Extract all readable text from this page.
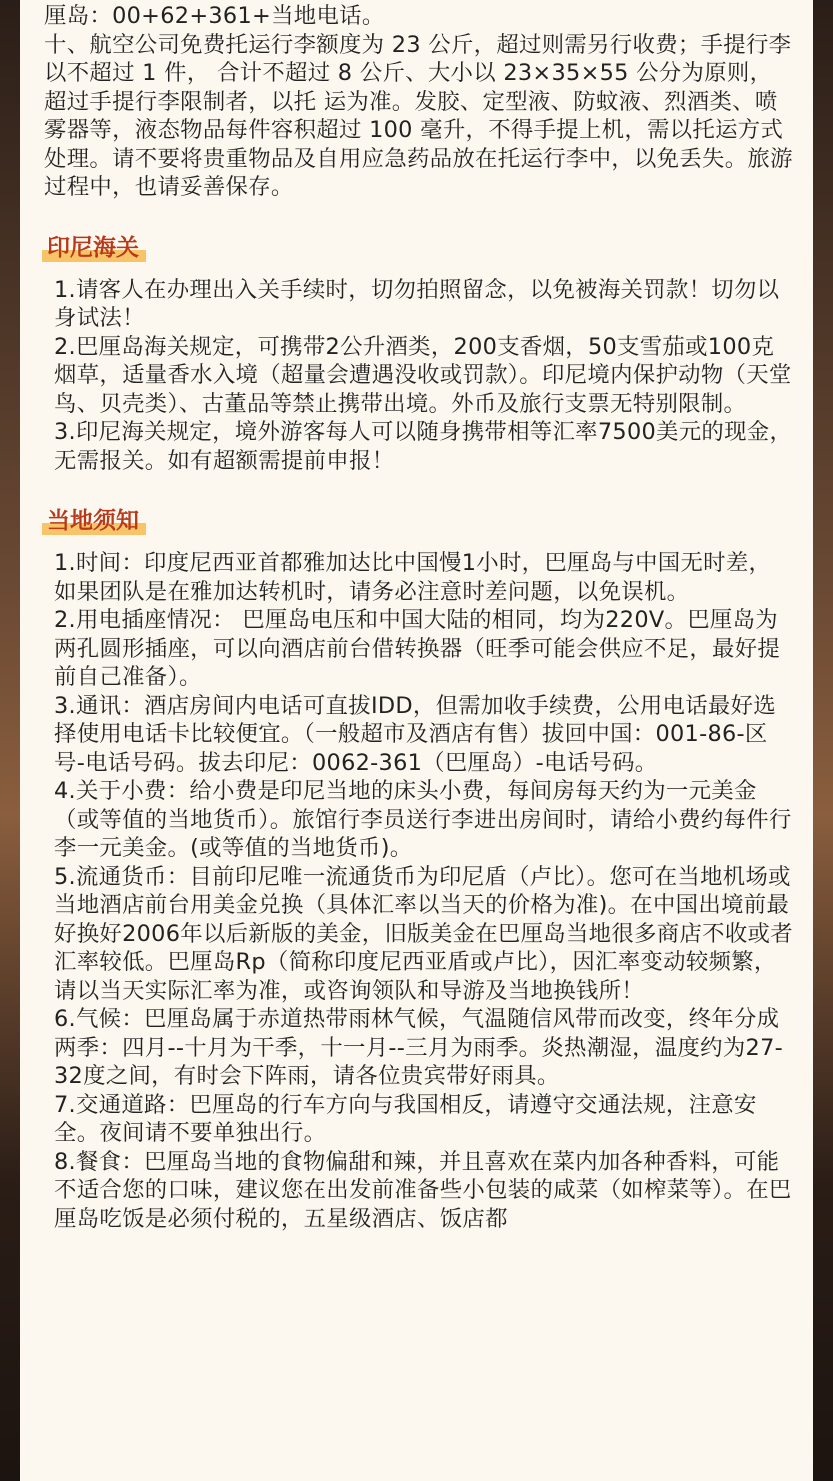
厘岛：00+62+361+当地电话。

十、航空公司免费托运行李额度为 23 公斤，超过则需另行收费；手提行李以不超过 1 件， 合计不超过 8 公斤、大小以 23×35×55 公分为原则，超过手提行李限制者，以托 运为准。发胶、定型液、防蚊液、烈酒类、喷雾器等，液态物品每件容积超过 100 毫升，不得手提上机，需以托运方式处理。请不要将贵重物品及自用应急药品放在托运行李中，以免丢失。旅游过程中，也请妥善保存。

印尼海关

1.请客人在办理出入关手续时，切勿拍照留念，以免被海关罚款！切勿以身试法！

2.巴厘岛海关规定，可携带2公升酒类，200支香烟，50支雪茄或100克烟草，适量香水入境（超量会遭遇没收或罚款）。印尼境内保护动物（天堂鸟、贝壳类）、古董品等禁止携带出境。外币及旅行支票无特别限制。

3.印尼海关规定，境外游客每人可以随身携带相等汇率7500美元的现金，无需报关。如有超额需提前申报！

当地须知

1.时间：印度尼西亚首都雅加达比中国慢1小时，巴厘岛与中国无时差，如果团队是在雅加达转机时，请务必注意时差问题，以免误机。

2.用电插座情况： 巴厘岛电压和中国大陆的相同，均为220V。巴厘岛为两孔圆形插座，可以向酒店前台借转换器（旺季可能会供应不足，最好提前自己准备）。

3.通讯：酒店房间内电话可直拔IDD，但需加收手续费，公用电话最好选择使用电话卡比较便宜。（一般超市及酒店有售）拔回中国：001-86-区号-电话号码。拔去印尼：0062-361（巴厘岛）-电话号码。

4.关于小费：给小费是印尼当地的床头小费，每间房每天约为一元美金（或等值的当地货币）。旅馆行李员送行李进出房间时，请给小费约每件行李一元美金。(或等值的当地货币)。

5.流通货币：目前印尼唯一流通货币为印尼盾（卢比）。您可在当地机场或当地酒店前台用美金兑换（具体汇率以当天的价格为准)。在中国出境前最好换好2006年以后新版的美金，旧版美金在巴厘岛当地很多商店不收或者汇率较低。巴厘岛Rp（简称印度尼西亚盾或卢比），因汇率变动较频繁，请以当天实际汇率为准，或咨询领队和导游及当地换钱所！

6.气候：巴厘岛属于赤道热带雨林气候，气温随信风带而改变，终年分成两季：四月--十月为干季，十一月--三月为雨季。炎热潮湿，温度约为27-32度之间，有时会下阵雨，请各位贵宾带好雨具。

7.交通道路：巴厘岛的行车方向与我国相反，请遵守交通法规，注意安全。夜间请不要单独出行。

8.餐食：巴厘岛当地的食物偏甜和辣，并且喜欢在菜内加各种香料，可能不适合您的口味，建议您在出发前准备些小包装的咸菜（如榨菜等）。在巴厘岛吃饭是必须付税的，五星级酒店、饭店都
